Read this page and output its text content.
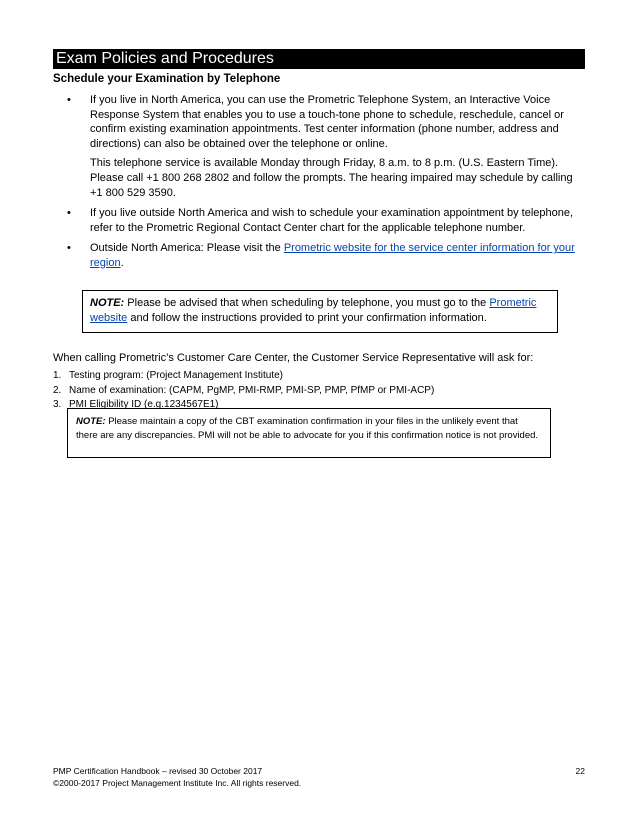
Exam Policies and Procedures
Schedule your Examination by Telephone
• If you live in North America, you can use the Prometric Telephone System, an Interactive Voice Response System that enables you to use a touch-tone phone to schedule, reschedule, cancel or confirm existing examination appointments. Test center information (phone number, address and directions) can also be obtained over the telephone or online.

This telephone service is available Monday through Friday, 8 a.m. to 8 p.m. (U.S. Eastern Time). Please call +1 800 268 2802 and follow the prompts. The hearing impaired may schedule by calling +1 800 529 3590.

• If you live outside North America and wish to schedule your examination appointment by telephone, refer to the Prometric Regional Contact Center chart for the applicable telephone number.

• Outside North America: Please visit the Prometric website for the service center information for your region.

NOTE: Please be advised that when scheduling by telephone, you must go to the Prometric website and follow the instructions provided to print your confirmation information.
When calling Prometric’s Customer Care Center, the Customer Service Representative will ask for:
1. Testing program: (Project Management Institute)
2. Name of examination: (CAPM, PgMP, PMI-RMP, PMI-SP, PMP, PfMP or PMI-ACP)
3. PMI Eligibility ID (e.g.1234567E1)
NOTE: Please maintain a copy of the CBT examination confirmation in your files in the unlikely event that there are any discrepancies. PMI will not be able to advocate for you if this confirmation notice is not provided.
PMP Certification Handbook – revised 30 October 2017
©2000-2017 Project Management Institute Inc. All rights reserved.
22
